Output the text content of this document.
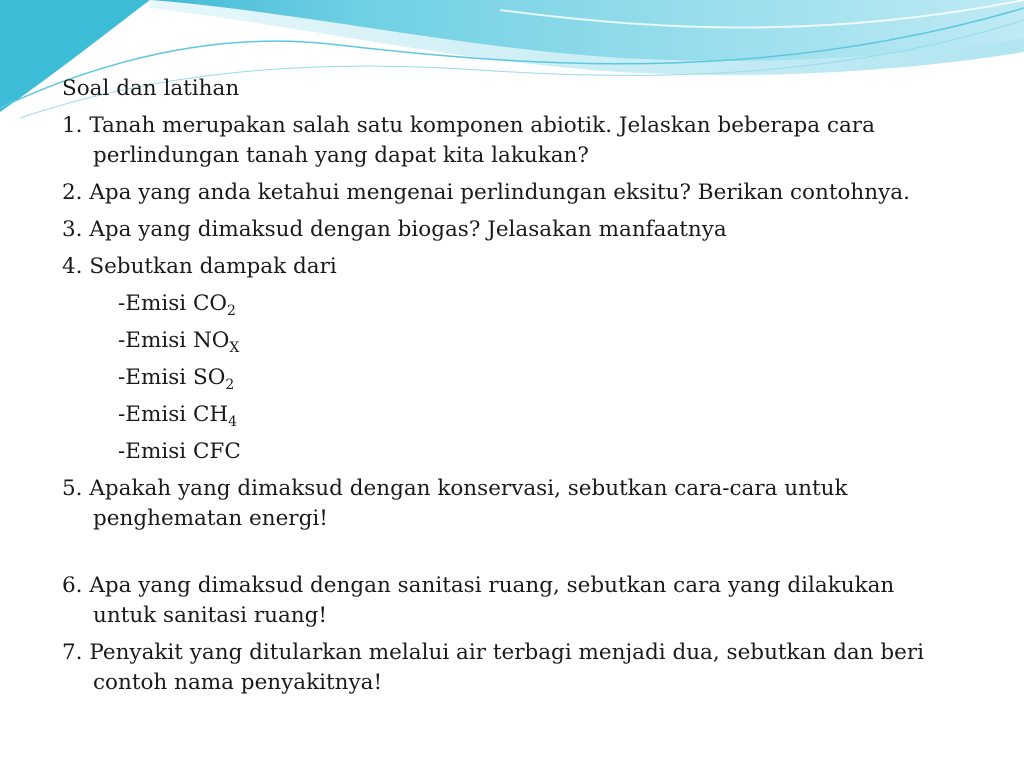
Soal dan latihan

1. Tanah merupakan salah satu komponen abiotik. Jelaskan beberapa cara perlindungan tanah yang dapat kita lakukan?

2. Apa yang anda ketahui mengenai perlindungan eksitu? Berikan contohnya.

3. Apa yang dimaksud dengan biogas? Jelasakan manfaatnya

4. Sebutkan dampak dari

-Emisi $CO_2$

-Emisi $NO_X$

-Emisi $SO_2$

-Emisi $CH_4$

-Emisi CFC

5. Apakah yang dimaksud dengan konservasi, sebutkan cara-cara untuk penghematan energi!

6. Apa yang dimaksud dengan sanitasi ruang, sebutkan cara yang dilakukan untuk sanitasi ruang!

7. Penyakit yang ditularkan melalui air terbagi menjadi dua, sebutkan dan beri contoh nama penyakitnya!
